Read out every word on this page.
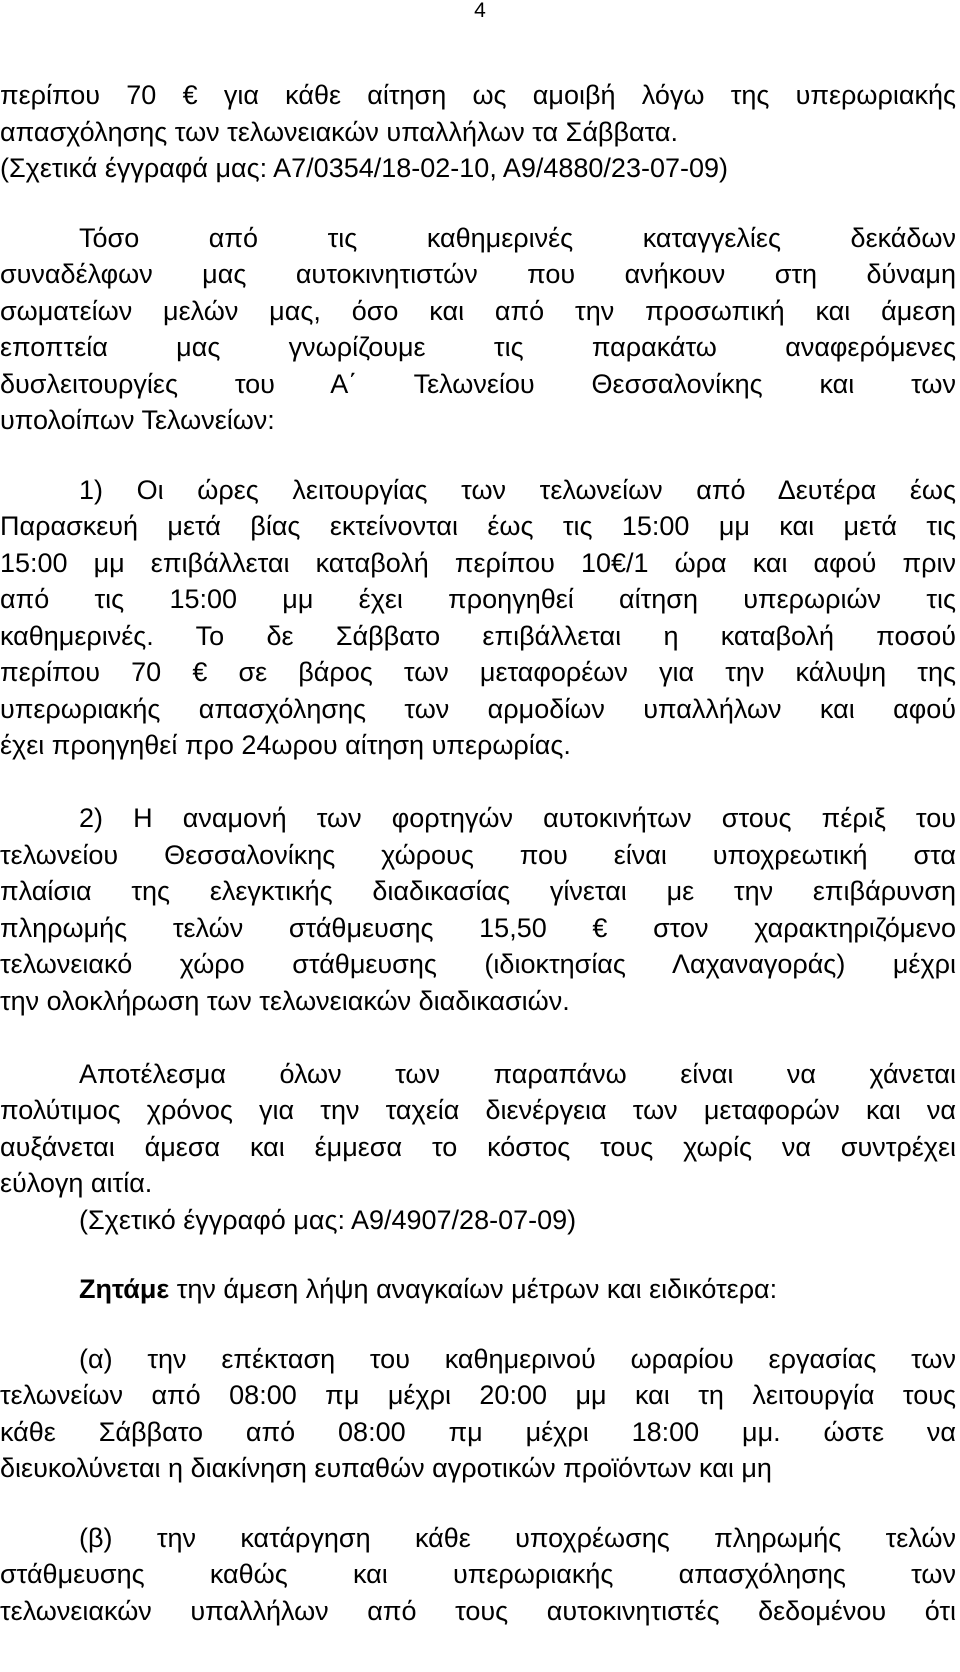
4
περίπου 70 € για κάθε αίτηση ως αμοιβή λόγω της υπερωριακής
απασχόλησης των τελωνειακών υπαλλήλων τα Σάββατα.
(Σχετικά έγγραφά μας: Α7/0354/18-02-10, Α9/4880/23-07-09)
Τόσο από τις καθημερινές καταγγελίες δεκάδων
συναδέλφων μας αυτοκινητιστών που ανήκουν στη δύναμη
σωματείων μελών μας, όσο και από την προσωπική και άμεση
εποπτεία μας γνωρίζουμε τις παρακάτω αναφερόμενες
δυσλειτουργίες του Α΄ Τελωνείου Θεσσαλονίκης και των
υπολοίπων Τελωνείων:
1) Οι ώρες λειτουργίας των τελωνείων από Δευτέρα έως
Παρασκευή μετά βίας εκτείνονται έως τις 15:00 μμ και μετά τις
15:00 μμ επιβάλλεται καταβολή περίπου 10€/1 ώρα και αφού πριν
από τις 15:00 μμ έχει προηγηθεί αίτηση υπερωριών τις
καθημερινές. Το δε Σάββατο επιβάλλεται η καταβολή ποσού
περίπου 70 € σε βάρος των μεταφορέων για την κάλυψη της
υπερωριακής απασχόλησης των αρμοδίων υπαλλήλων και αφού
έχει προηγηθεί προ 24ωρου αίτηση υπερωρίας.
2) Η αναμονή των φορτηγών αυτοκινήτων στους πέριξ του
τελωνείου Θεσσαλονίκης χώρους που είναι υποχρεωτική στα
πλαίσια της ελεγκτικής διαδικασίας γίνεται με την επιβάρυνση
πληρωμής τελών στάθμευσης 15,50 € στον χαρακτηριζόμενο
τελωνειακό χώρο στάθμευσης (ιδιοκτησίας Λαχαναγοράς) μέχρι
την ολοκλήρωση των τελωνειακών διαδικασιών.
Αποτέλεσμα όλων των παραπάνω είναι να χάνεται
πολύτιμος χρόνος για την ταχεία διενέργεια των μεταφορών και να
αυξάνεται άμεσα και έμμεσα το κόστος τους χωρίς να συντρέχει
εύλογη αιτία.
(Σχετικό έγγραφό μας: Α9/4907/28-07-09)
Ζητάμε την άμεση λήψη αναγκαίων μέτρων και ειδικότερα:
(α) την επέκταση του καθημερινού ωραρίου εργασίας των
τελωνείων από 08:00 πμ μέχρι 20:00 μμ και τη λειτουργία τους
κάθε Σάββατο από 08:00 πμ μέχρι 18:00 μμ. ώστε να
διευκολύνεται η διακίνηση ευπαθών αγροτικών προϊόντων και μη
(β) την κατάργηση κάθε υποχρέωσης πληρωμής τελών
στάθμευσης καθώς και υπερωριακής απασχόλησης των
τελωνειακών υπαλλήλων από τους αυτοκινητιστές δεδομένου ότι
